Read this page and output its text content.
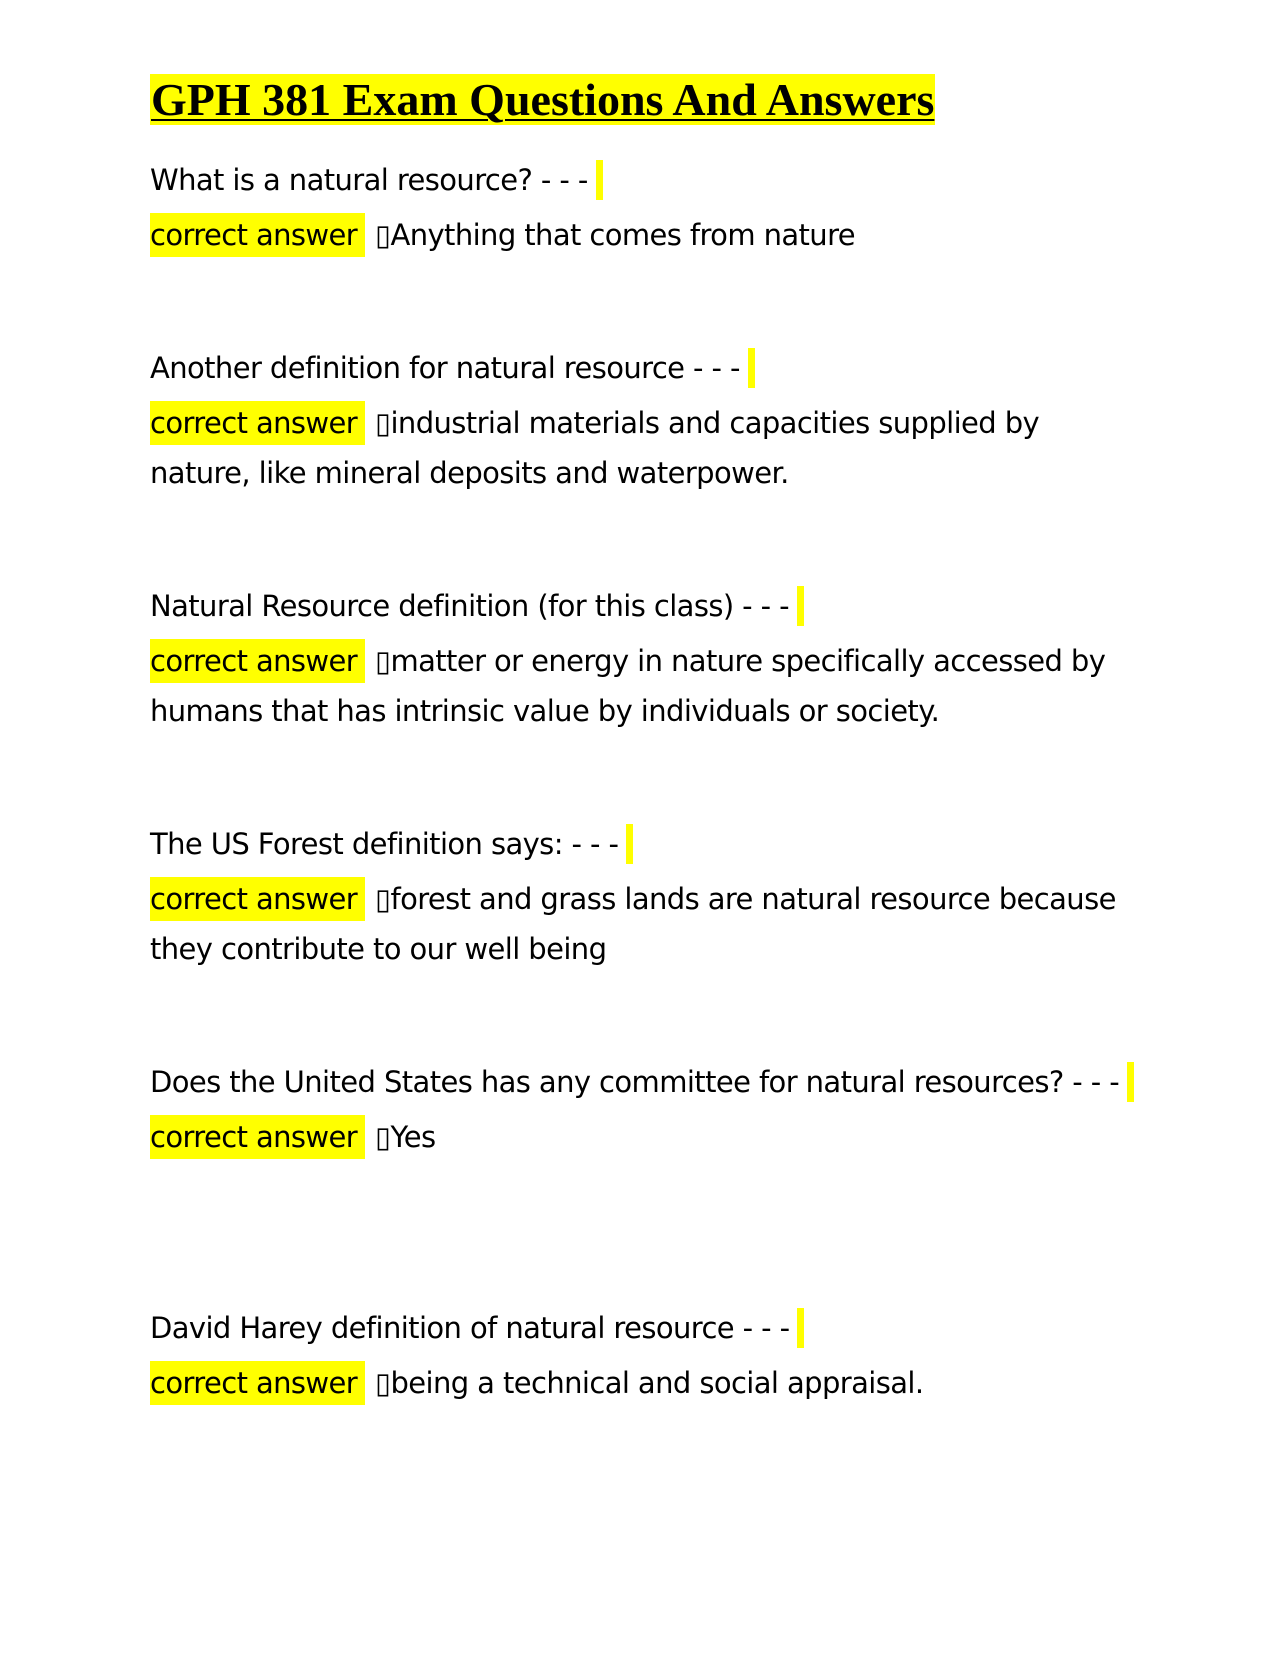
GPH 381 Exam Questions And Answers

What is a natural resource? - - -

correct answer ▯Anything that comes from nature

Another definition for natural resource - - -

correct answer ▯industrial materials and capacities supplied by nature, like mineral deposits and waterpower.

Natural Resource definition (for this class) - - -

correct answer ▯matter or energy in nature specifically accessed by humans that has intrinsic value by individuals or society.

The US Forest definition says: - - -

correct answer ▯forest and grass lands are natural resource because they contribute to our well being

Does the United States has any committee for natural resources? - - -

correct answer ▯Yes

David Harey definition of natural resource - - -

correct answer ▯being a technical and social appraisal.
